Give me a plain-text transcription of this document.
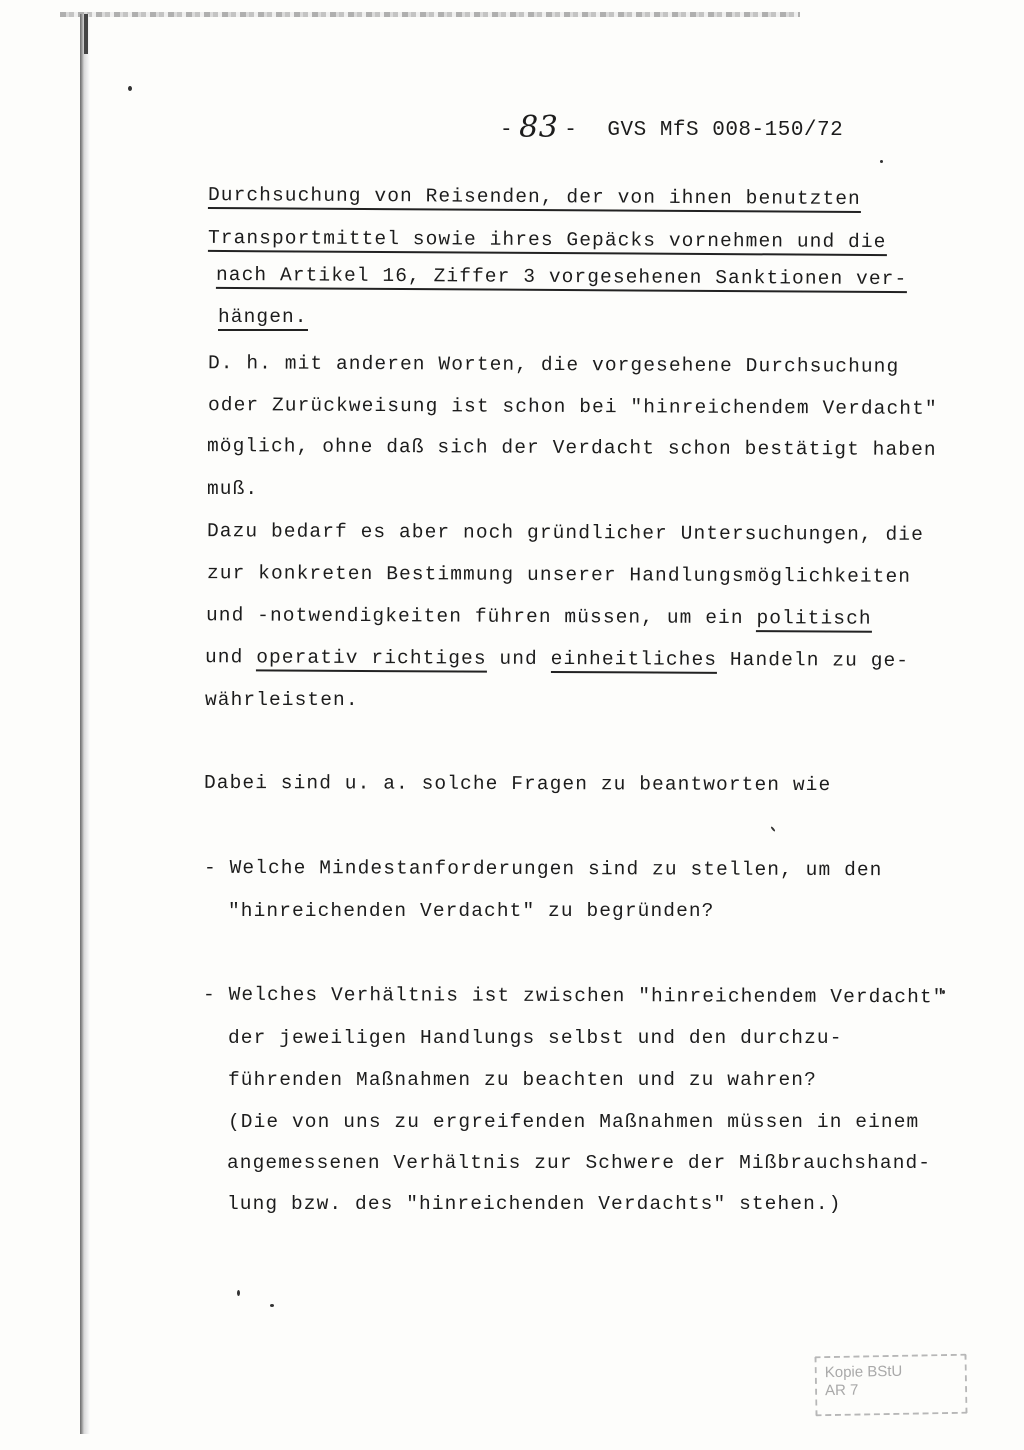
- 83 - GVS MfS 008-150/72
Durchsuchung von Reisenden, der von ihnen benutzten
Transportmittel sowie ihres Gepäcks vornehmen und die
nach Artikel 16, Ziffer 3 vorgesehenen Sanktionen ver-
hängen.
D. h. mit anderen Worten, die vorgesehene Durchsuchung
oder Zurückweisung ist schon bei "hinreichendem Verdacht"
möglich, ohne daß sich der Verdacht schon bestätigt haben
muß.
Dazu bedarf es aber noch gründlicher Untersuchungen, die
zur konkreten Bestimmung unserer Handlungsmöglichkeiten
und -notwendigkeiten führen müssen, um ein politisch
und operativ richtiges und einheitliches Handeln zu ge-
währleisten.
Dabei sind u. a. solche Fragen zu beantworten wie
- Welche Mindestanforderungen sind zu stellen, um den
"hinreichenden Verdacht" zu begründen?
- Welches Verhältnis ist zwischen "hinreichendem Verdacht"
der jeweiligen Handlungs selbst und den durchzu-
führenden Maßnahmen zu beachten und zu wahren?
(Die von uns zu ergreifenden Maßnahmen müssen in einem
angemessenen Verhältnis zur Schwere der Mißbrauchshand-
lung bzw. des "hinreichenden Verdachts" stehen.)
Kopie BStU
AR 7
